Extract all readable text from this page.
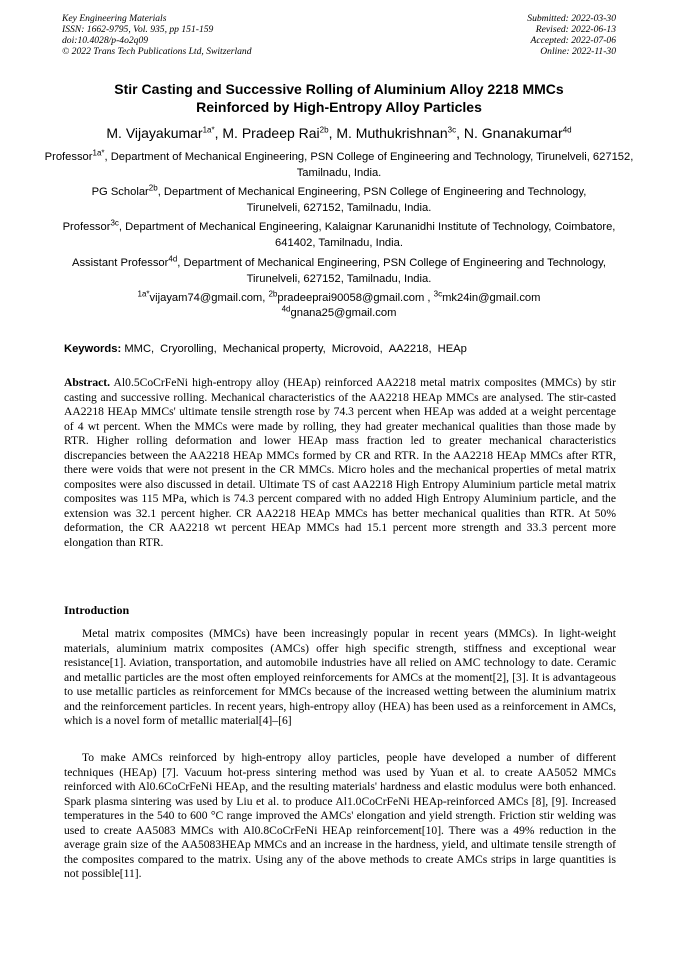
Key Engineering Materials
ISSN: 1662-9795, Vol. 935, pp 151-159
doi:10.4028/p-4o2q09
© 2022 Trans Tech Publications Ltd, Switzerland
Submitted: 2022-03-30
Revised: 2022-06-13
Accepted: 2022-07-06
Online: 2022-11-30
Stir Casting and Successive Rolling of Aluminium Alloy 2218 MMCs
Reinforced by High-Entropy Alloy Particles
M. Vijayakumar$^{1a*}$, M. Pradeep Rai$^{2b}$, M. Muthukrishnan$^{3c}$, N. Gnanakumar$^{4d}$
Professor$^{1a*}$, Department of Mechanical Engineering, PSN College of Engineering and Technology, Tirunelveli, 627152, Tamilnadu, India.
PG Scholar$^{2b}$, Department of Mechanical Engineering, PSN College of Engineering and Technology, Tirunelveli, 627152, Tamilnadu, India.
Professor$^{3c}$, Department of Mechanical Engineering, Kalaignar Karunanidhi Institute of Technology, Coimbatore, 641402, Tamilnadu, India.
Assistant Professor$^{4d}$, Department of Mechanical Engineering, PSN College of Engineering and Technology, Tirunelveli, 627152, Tamilnadu, India.
$^{1a*}$vijayam74@gmail.com, $^{2b}$pradeeprai90058@gmail.com , $^{3c}$mk24in@gmail.com
$^{4d}$gnana25@gmail.com
Keywords: MMC, Cryorolling, Mechanical property, Microvoid, AA2218, HEAp
Abstract. Al0.5CoCrFeNi high-entropy alloy (HEAp) reinforced AA2218 metal matrix composites (MMCs) by stir casting and successive rolling. Mechanical characteristics of the AA2218 HEAp MMCs are analysed. The stir-casted AA2218 HEAp MMCs' ultimate tensile strength rose by 74.3 percent when HEAp was added at a weight percentage of 4 wt percent. When the MMCs were made by rolling, they had greater mechanical qualities than those made by RTR. Higher rolling deformation and lower HEAp mass fraction led to greater mechanical characteristics discrepancies between the AA2218 HEAp MMCs formed by CR and RTR. In the AA2218 HEAp MMCs after RTR, there were voids that were not present in the CR MMCs. Micro holes and the mechanical properties of metal matrix composites were also discussed in detail. Ultimate TS of cast AA2218 High Entropy Aluminium particle metal matrix composites was 115 MPa, which is 74.3 percent compared with no added High Entropy Aluminium particle, and the extension was 32.1 percent higher. CR AA2218 HEAp MMCs has better mechanical qualities than RTR. At 50% deformation, the CR AA2218 wt percent HEAp MMCs had 15.1 percent more strength and 33.3 percent more elongation than RTR.
Introduction
Metal matrix composites (MMCs) have been increasingly popular in recent years (MMCs). In light-weight materials, aluminium matrix composites (AMCs) offer high specific strength, stiffness and exceptional wear resistance[1]. Aviation, transportation, and automobile industries have all relied on AMC technology to date. Ceramic and metallic particles are the most often employed reinforcements for AMCs at the moment[2], [3]. It is advantageous to use metallic particles as reinforcement for MMCs because of the increased wetting between the aluminium matrix and the reinforcement particles. In recent years, high-entropy alloy (HEA) has been used as a reinforcement in AMCs, which is a novel form of metallic material[4]–[6]
To make AMCs reinforced by high-entropy alloy particles, people have developed a number of different techniques (HEAp) [7]. Vacuum hot-press sintering method was used by Yuan et al. to create AA5052 MMCs reinforced with Al0.6CoCrFeNi HEAp, and the resulting materials' hardness and elastic modulus were both enhanced. Spark plasma sintering was used by Liu et al. to produce Al1.0CoCrFeNi HEAp-reinforced AMCs [8], [9]. Increased temperatures in the 540 to 600 °C range improved the AMCs' elongation and yield strength. Friction stir welding was used to create AA5083 MMCs with Al0.8CoCrFeNi HEAp reinforcement[10]. There was a 49% reduction in the average grain size of the AA5083HEAp MMCs and an increase in the hardness, yield, and ultimate tensile strength of the composites compared to the matrix. Using any of the above methods to create AMCs strips in large quantities is not possible[11].
